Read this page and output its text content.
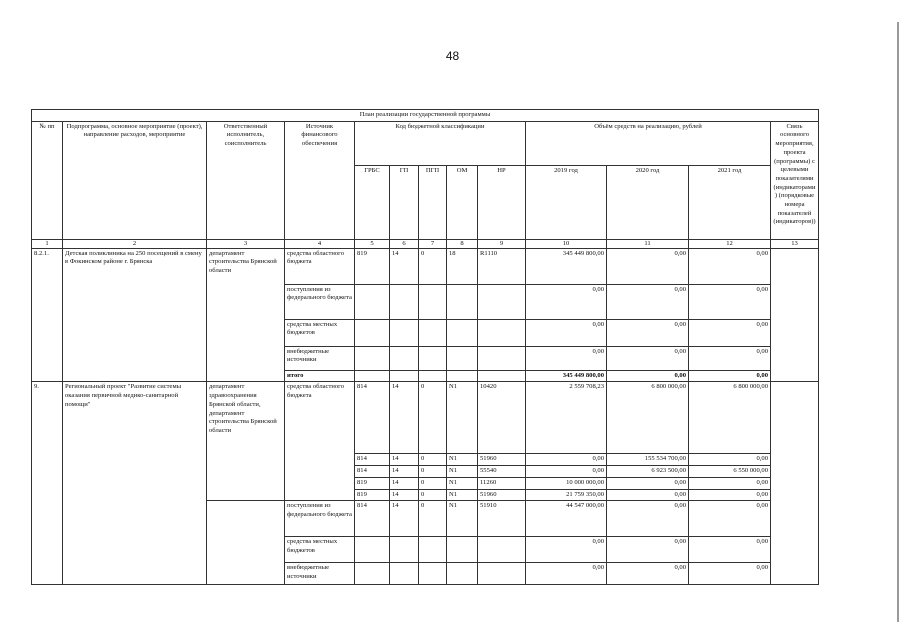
48
План реализации государственной программы												
№ пп	Подпрограмма, основное мероприятие (проект), направление расходов, мероприятие	Ответственный исполнитель, соисполнитель	Источник финансового обеспечения	Код бюджетной классификации					Объём средств на реализацию, рублей			Связь основного мероприятия, проекта (программы) с целевыми показателями (индикаторами) (порядковые номера показателей (индикаторов))
				ГРБС	ГП	ПГП	ОМ	НР	2019 год	2020 год	2021 год	
1	2	3	4	5	6	7	8	9	10	11	12	13
8.2.1.	Детская поликлиника на 250 посещений в смену в Фокинском районе г. Брянска	департамент строительства Брянской области	средства областного бюджета	819	14	0	18	R1110	345 449 800,00	0,00	0,00	
			поступления из федерального бюджета						0,00	0,00	0,00	
			средства местных бюджетов						0,00	0,00	0,00	
			внебюджетные источники						0,00	0,00	0,00	
			итого						345 449 800,00	0,00	0,00	
9.	Региональный проект "Развитие системы оказания первичной медико-санитарной помощи"	департамент здравоохранения Брянской области, департамент строительства Брянской области	средства областного бюджета	814	14	0	N1	10420	2 559 708,23	6 800 000,00	6 800 000,00	
				814	14	0	N1	51960	0,00	155 534 700,00	0,00	
				814	14	0	N1	55540	0,00	6 923 500,00	6 550 000,00	
				819	14	0	N1	11260	10 000 000,00	0,00	0,00	
				819	14	0	N1	51960	21 759 350,00	0,00	0,00	
			поступления из федерального бюджета	814	14	0	N1	51910	44 547 000,00	0,00	0,00	
			средства местных бюджетов						0,00	0,00	0,00	
			внебюджетные источники						0,00	0,00	0,00	
